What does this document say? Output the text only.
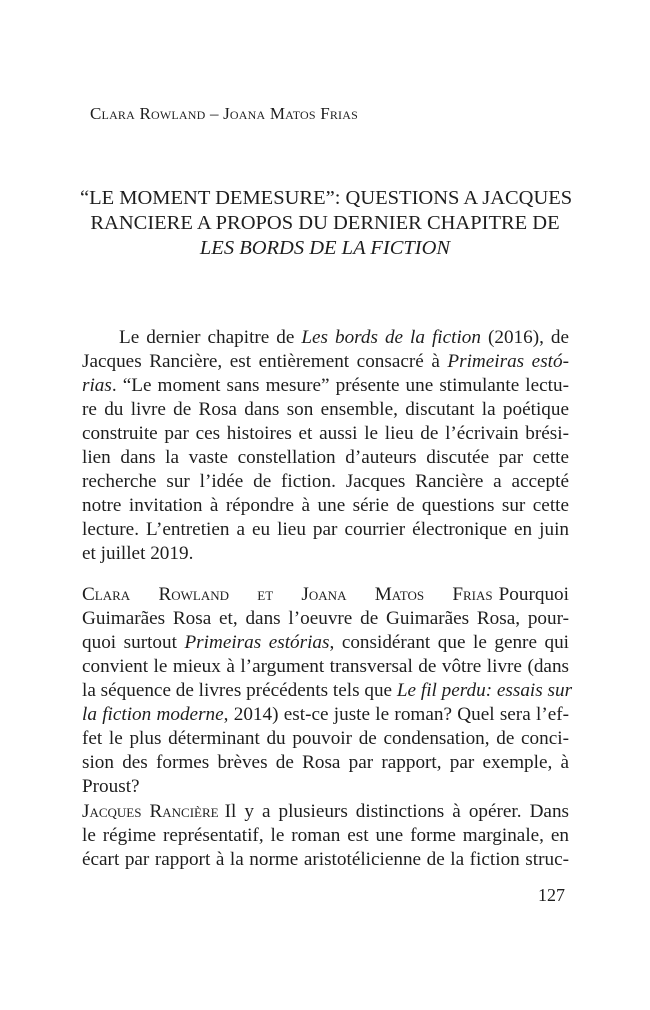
Clara Rowland – Joana Matos Frias
“LE MOMENT DEMESURE”: QUESTIONS A JACQUES
RANCIERE A PROPOS DU DERNIER CHAPITRE DE
LES BORDS DE LA FICTION
Le dernier chapitre de Les bords de la fiction (2016), de
Jacques Rancière, est entièrement consacré à Primeiras estó-
rias. “Le moment sans mesure” présente une stimulante lectu-
re du livre de Rosa dans son ensemble, discutant la poétique
construite par ces histoires et aussi le lieu de l’écrivain brési-
lien dans la vaste constellation d’auteurs discutée par cette
recherche sur l’idée de fiction. Jacques Rancière a accepté
notre invitation à répondre à une série de questions sur cette
lecture. L’entretien a eu lieu par courrier électronique en juin
et juillet 2019.
Clara Rowland et Joana Matos Frias Pourquoi
Guimarães Rosa et, dans l’oeuvre de Guimarães Rosa, pour-
quoi surtout Primeiras estórias, considérant que le genre qui
convient le mieux à l’argument transversal de vôtre livre (dans
la séquence de livres précédents tels que Le fil perdu: essais sur
la fiction moderne, 2014) est-ce juste le roman? Quel sera l’ef-
fet le plus déterminant du pouvoir de condensation, de conci-
sion des formes brèves de Rosa par rapport, par exemple, à
Proust?
Jacques Rancière Il y a plusieurs distinctions à opérer. Dans
le régime représentatif, le roman est une forme marginale, en
écart par rapport à la norme aristotélicienne de la fiction struc-
127
